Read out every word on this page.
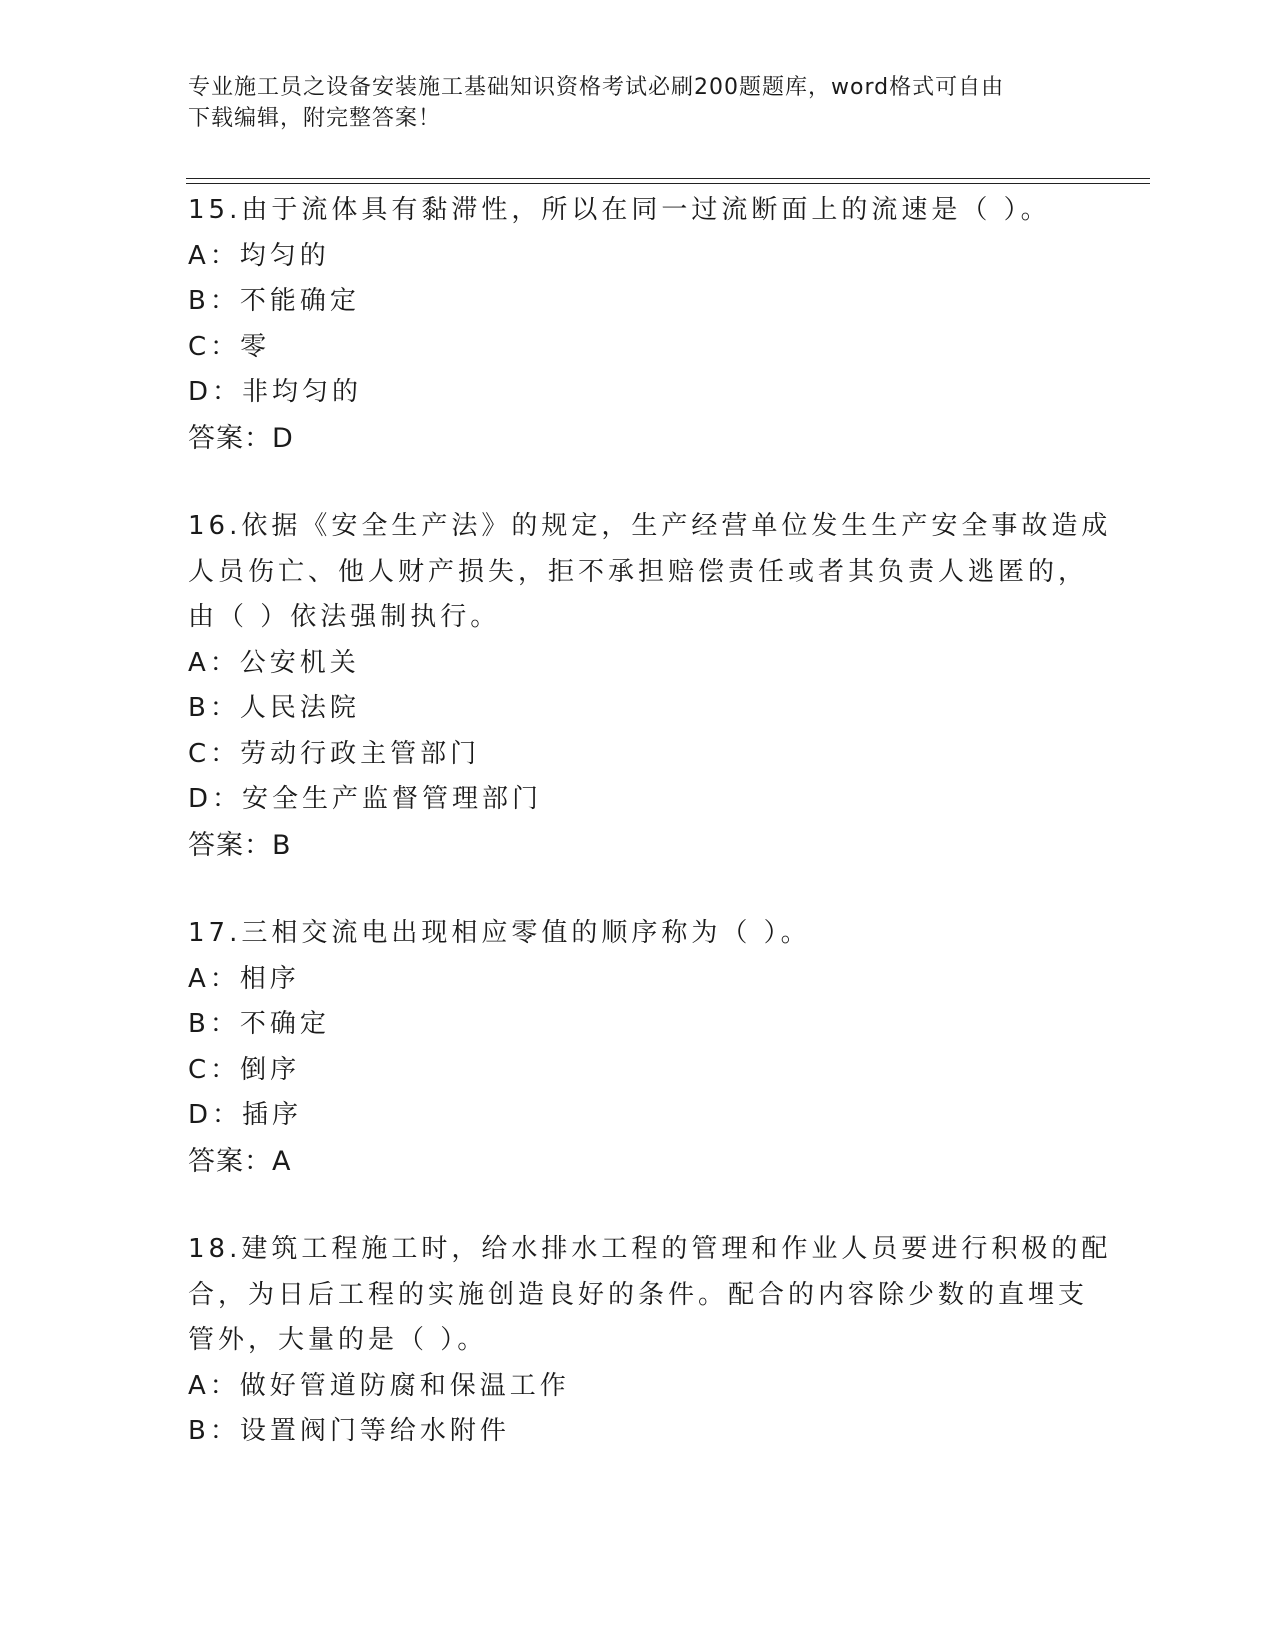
专业施工员之设备安装施工基础知识资格考试必刷200题题库，word格式可自由
下载编辑，附完整答案！
15.由于流体具有黏滞性，所以在同一过流断面上的流速是（ ）。
A：均匀的
B：不能确定
C：零
D：非均匀的
答案：D
16.依据《安全生产法》的规定，生产经营单位发生生产安全事故造成
人员伤亡、他人财产损失，拒不承担赔偿责任或者其负责人逃匿的，
由（ ）依法强制执行。
A：公安机关
B：人民法院
C：劳动行政主管部门
D：安全生产监督管理部门
答案：B
17.三相交流电出现相应零值的顺序称为（ ）。
A：相序
B：不确定
C：倒序
D：插序
答案：A
18.建筑工程施工时，给水排水工程的管理和作业人员要进行积极的配
合，为日后工程的实施创造良好的条件。配合的内容除少数的直埋支
管外，大量的是（ ）。
A：做好管道防腐和保温工作
B：设置阀门等给水附件
